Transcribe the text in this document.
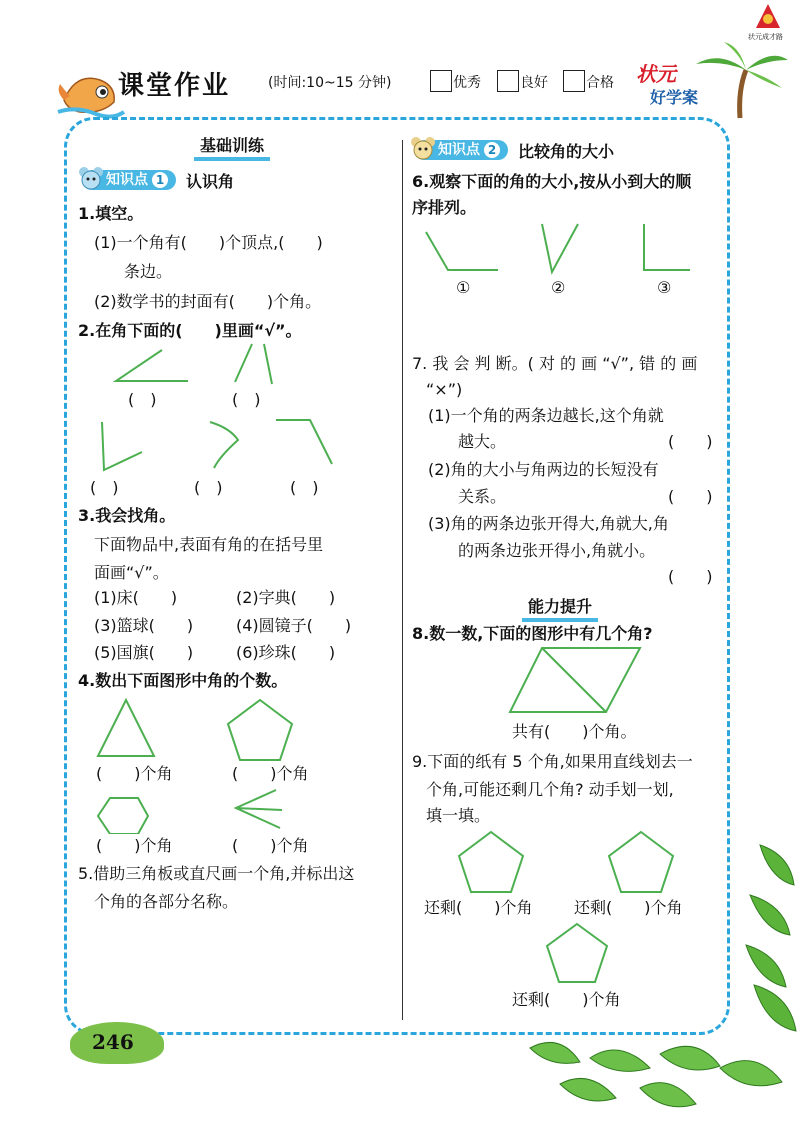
课堂作业	(时间:10~15 分钟)	优秀	良好	合格 状元
好学案
状元成才路
基础训练
知识点 1	认识角
1.填空。
(1)一个角有(　　)个顶点,(　　)
条边。
(2)数学书的封面有(　　)个角。
2.在角下面的(　　)里画“√”。
(　)	(　)
(　)	(　)	(　)
3.我会找角。
下面物品中,表面有角的在括号里
面画“√”。
(1)床(　　)	(2)字典(　　)
(3)篮球(　　)	(4)圆镜子(　　)
(5)国旗(　　)	(6)珍珠(　　)
4.数出下面图形中角的个数。
(　　)个角	(　　)个角
(　　)个角	(　　)个角
5.借助三角板或直尺画一个角,并标出这
个角的各部分名称。
知识点 2	比较角的大小
6.观察下面的角的大小,按从小到大的顺
序排列。
①	②	③
7. 我 会 判 断。( 对 的 画 “√”, 错 的 画
“×”)
(1)一个角的两条边越长,这个角就
越大。	(　　)
(2)角的大小与角两边的长短没有
关系。	(　　)
(3)角的两条边张开得大,角就大,角
的两条边张开得小,角就小。
(　　)
能力提升
8.数一数,下面的图形中有几个角?
共有(　　)个角。
9.下面的纸有 5 个角,如果用直线划去一
个角,可能还剩几个角? 动手划一划,
填一填。
还剩(　　)个角	还剩(　　)个角
还剩(　　)个角
246
